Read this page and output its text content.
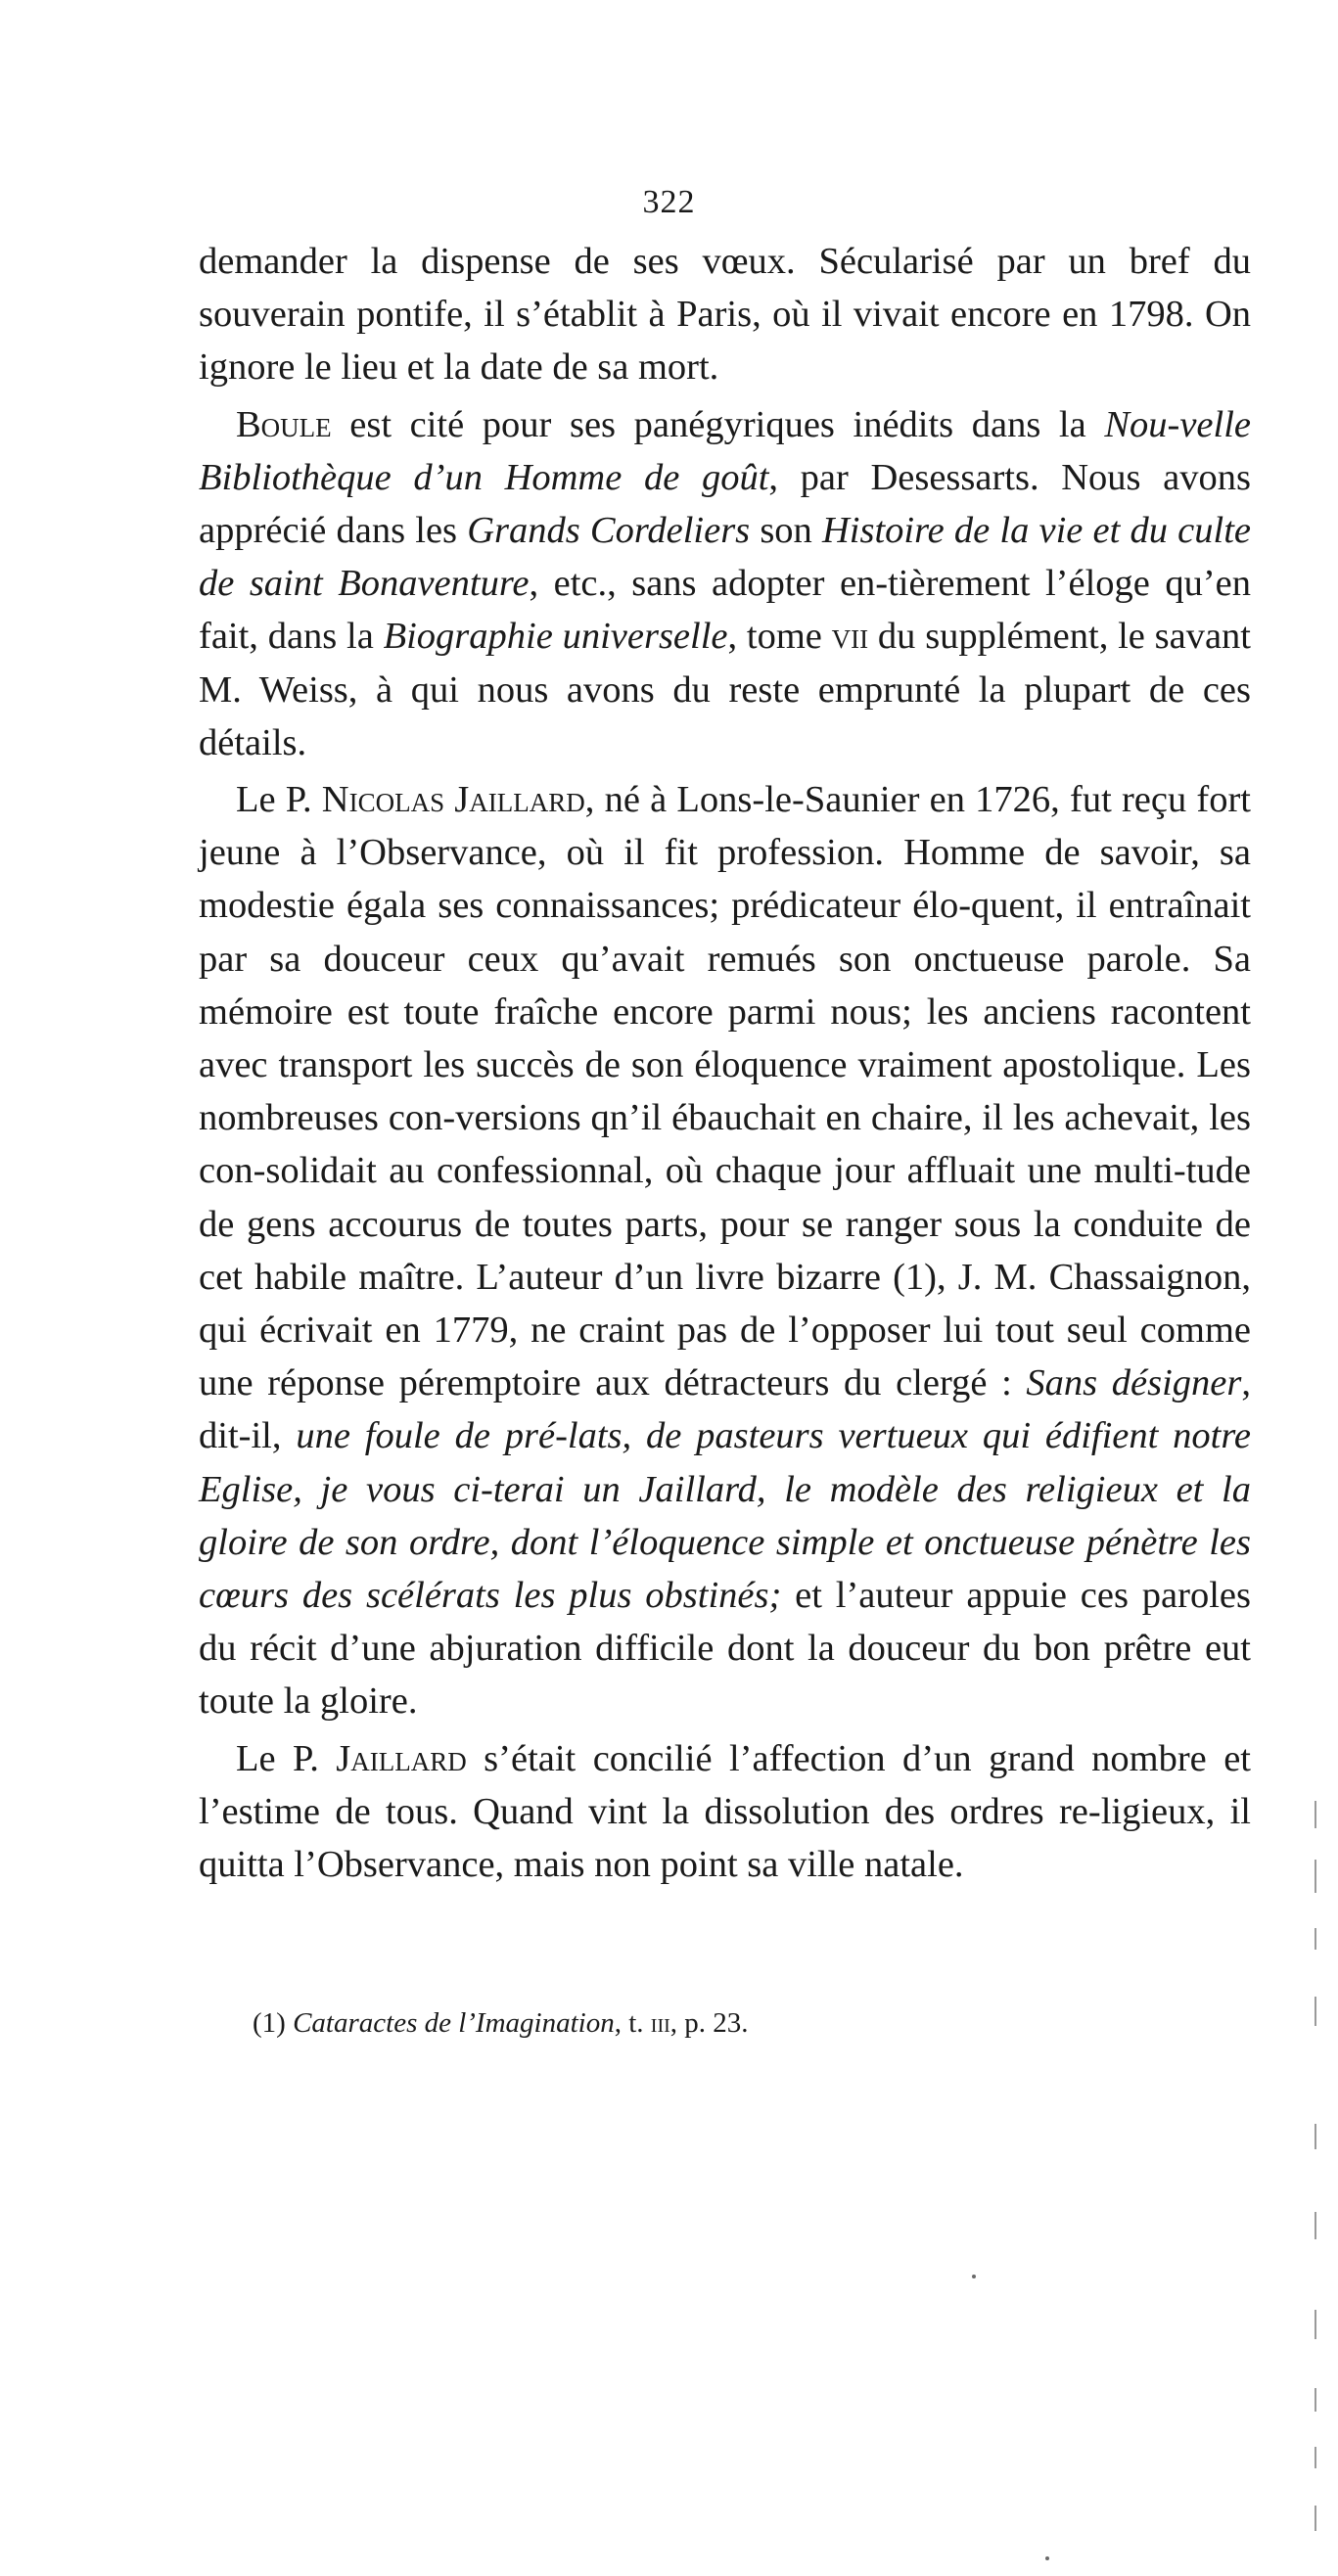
322

demander la dispense de ses vœux. Sécularisé par un bref du souverain pontife, il s’établit à Paris, où il vivait encore en 1798. On ignore le lieu et la date de sa mort.

Boule est cité pour ses panégyriques inédits dans la Nou-velle Bibliothèque d’un Homme de goût, par Desessarts. Nous avons apprécié dans les Grands Cordeliers son Histoire de la vie et du culte de saint Bonaventure, etc., sans adopter en-tièrement l’éloge qu’en fait, dans la Biographie universelle, tome vii du supplément, le savant M. Weiss, à qui nous avons du reste emprunté la plupart de ces détails.

Le P. Nicolas Jaillard, né à Lons-le-Saunier en 1726, fut reçu fort jeune à l’Observance, où il fit profession. Homme de savoir, sa modestie égala ses connaissances; prédicateur élo-quent, il entraînait par sa douceur ceux qu’avait remués son onctueuse parole. Sa mémoire est toute fraîche encore parmi nous; les anciens racontent avec transport les succès de son éloquence vraiment apostolique. Les nombreuses con-versions qn’il ébauchait en chaire, il les achevait, les con-solidait au confessionnal, où chaque jour affluait une multi-tude de gens accourus de toutes parts, pour se ranger sous la conduite de cet habile maître. L’auteur d’un livre bizarre (1), J. M. Chassaignon, qui écrivait en 1779, ne craint pas de l’opposer lui tout seul comme une réponse péremptoire aux détracteurs du clergé : Sans désigner, dit-il, une foule de pré-lats, de pasteurs vertueux qui édifient notre Eglise, je vous ci-terai un Jaillard, le modèle des religieux et la gloire de son ordre, dont l’éloquence simple et onctueuse pénètre les cœurs des scélérats les plus obstinés; et l’auteur appuie ces paroles du récit d’une abjuration difficile dont la douceur du bon prêtre eut toute la gloire.

Le P. Jaillard s’était concilié l’affection d’un grand nombre et l’estime de tous. Quand vint la dissolution des ordres re-ligieux, il quitta l’Observance, mais non point sa ville natale.

(1) Cataractes de l’Imagination, t. iii, p. 23.
